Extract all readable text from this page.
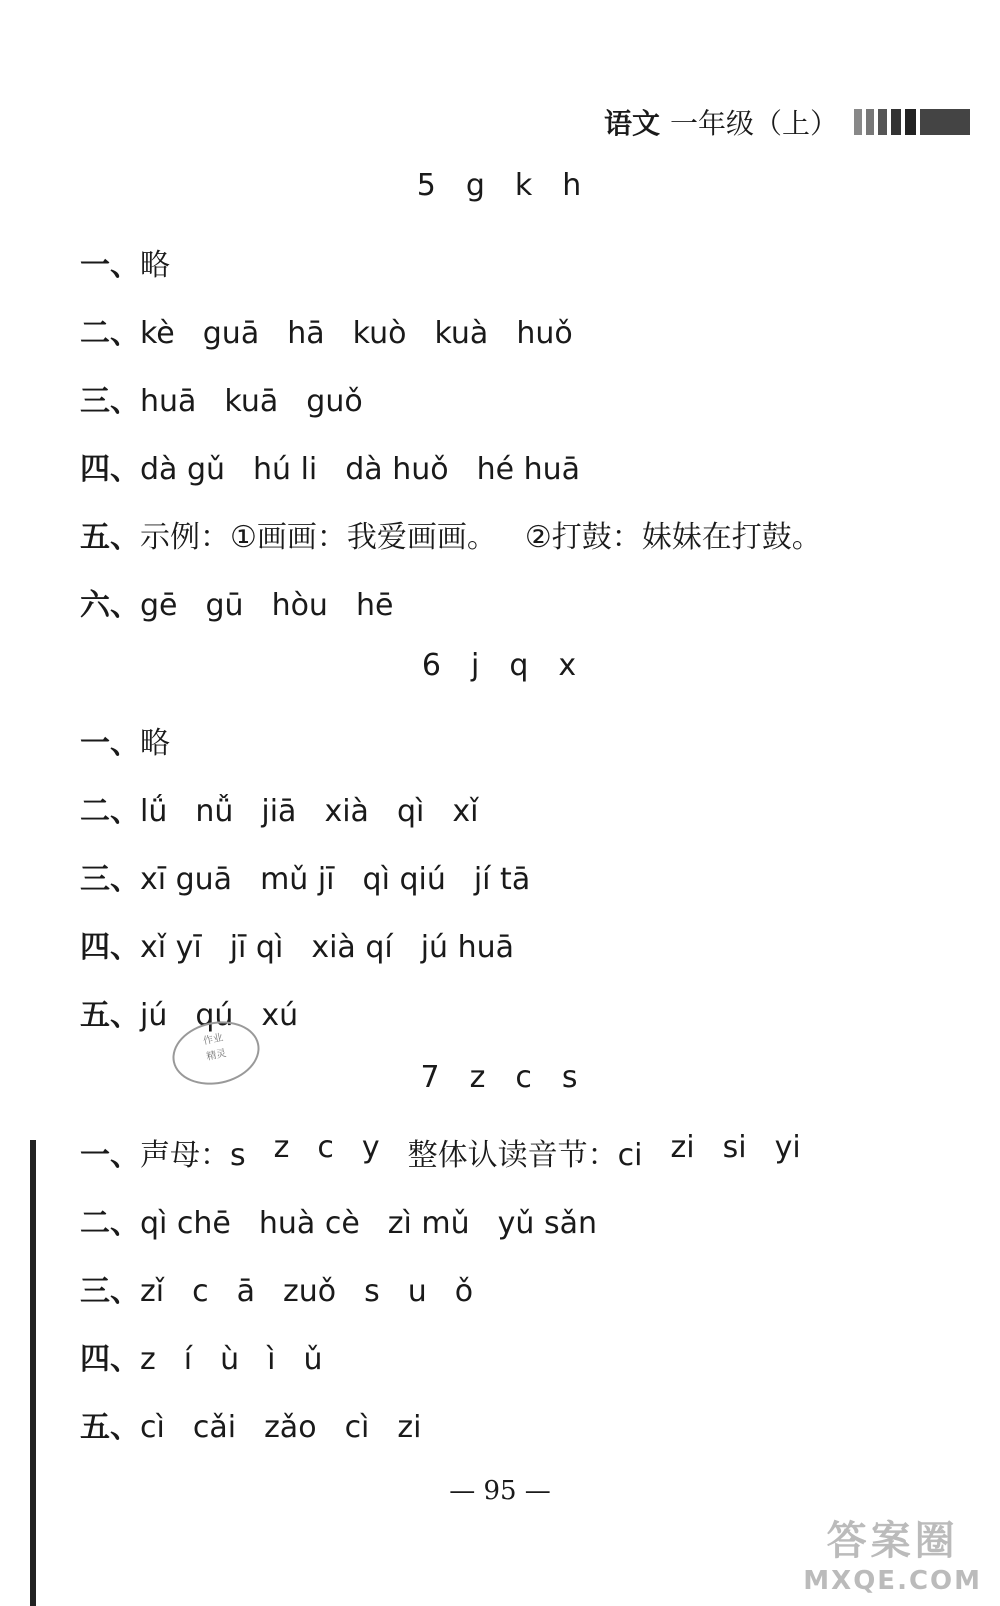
语文 一年级（上）
5 g k h
一、 略
二、 kè guā hā kuò kuà huǒ
三、 huā kuā guǒ
四、 dà gǔ hú li dà huǒ hé huā
五、 示例：①画画：我爱画画。 ②打鼓：妹妹在打鼓。
六、 gē gū hòu hē
6 j q x
一、 略
二、 lǘ nǚ jiā xià qì xǐ
三、 xī guā mǔ jī qì qiú jí tā
四、 xǐ yī jī qì xià qí jú huā
五、 jú qú xú
7 z c s
一、 声母：s z c y 整体认读音节：ci zi si yi
二、 qì chē huà cè zì mǔ yǔ sǎn
三、 zǐ c ā zuǒ s u ǒ
四、 z í ù ì ǔ
五、 cì cǎi zǎo cì zi
作业
精灵
— 95 —
答案圈
MXQE.COM
